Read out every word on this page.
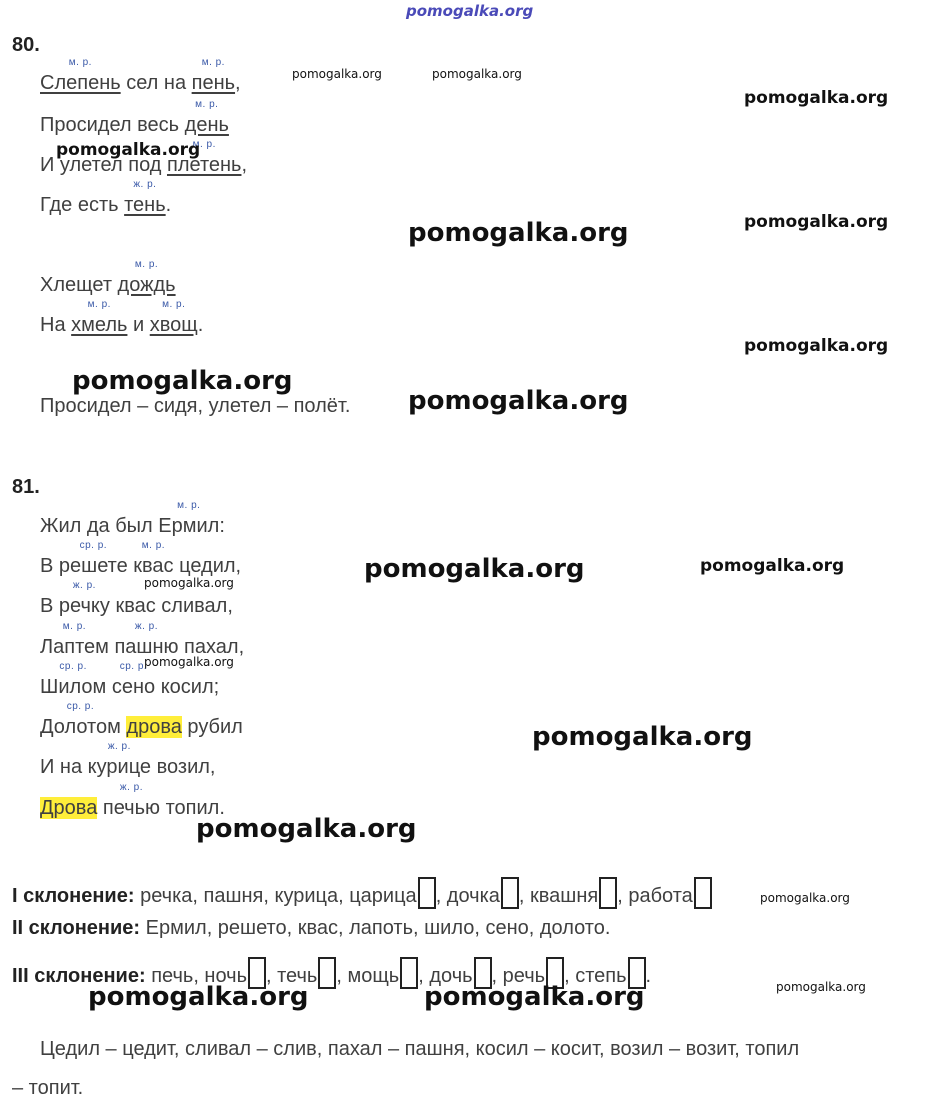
pomogalka.org
80.
м. р.
Слепень сел на
м. р.
пень,
Просидел весь
м. р.
день
И улетел под
м. р.
плетень,
Где есть
ж. р.
тень.
Хлещет
м. р.
дождь
На
м. р.
хмель и
м. р.
хвощ.
Просидел – сидя, улетел – полёт.
81.
Жил да был
м. р.
Ермил:
В
ср. р.
решете
м. р.
квас цедил,
В
ж. р.
речку квас сливал,
м. р.
Лаптем
ж. р.
пашню пахал,
ср. р.
Шилом
ср. р.
сено косил;
ср. р.
Долотом дрова рубил
И на
ж. р.
курице возил,
Дрова
ж. р.
печью топил.
I склонение: речка, пашня, курица, царица , дочка , квашня , работа
II склонение: Ермил, решето, квас, лапоть, шило, сено, долото.
III склонение: печь, ночь , течь , мощь , дочь , речь , степь .
Цедил – цедит, сливал – слив, пахал – пашня, косил – косит, возил – возит, топил
– топит.
pomogalka.org	pomogalka.org
pomogalka.org
pomogalka.org
pomogalka.org
pomogalka.org
pomogalka.org
pomogalka.org
pomogalka.org
pomogalka.org	pomogalka.org
pomogalka.org
pomogalka.org
pomogalka.org
pomogalka.org
pomogalka.org
pomogalka.org	pomogalka.org	pomogalka.org
